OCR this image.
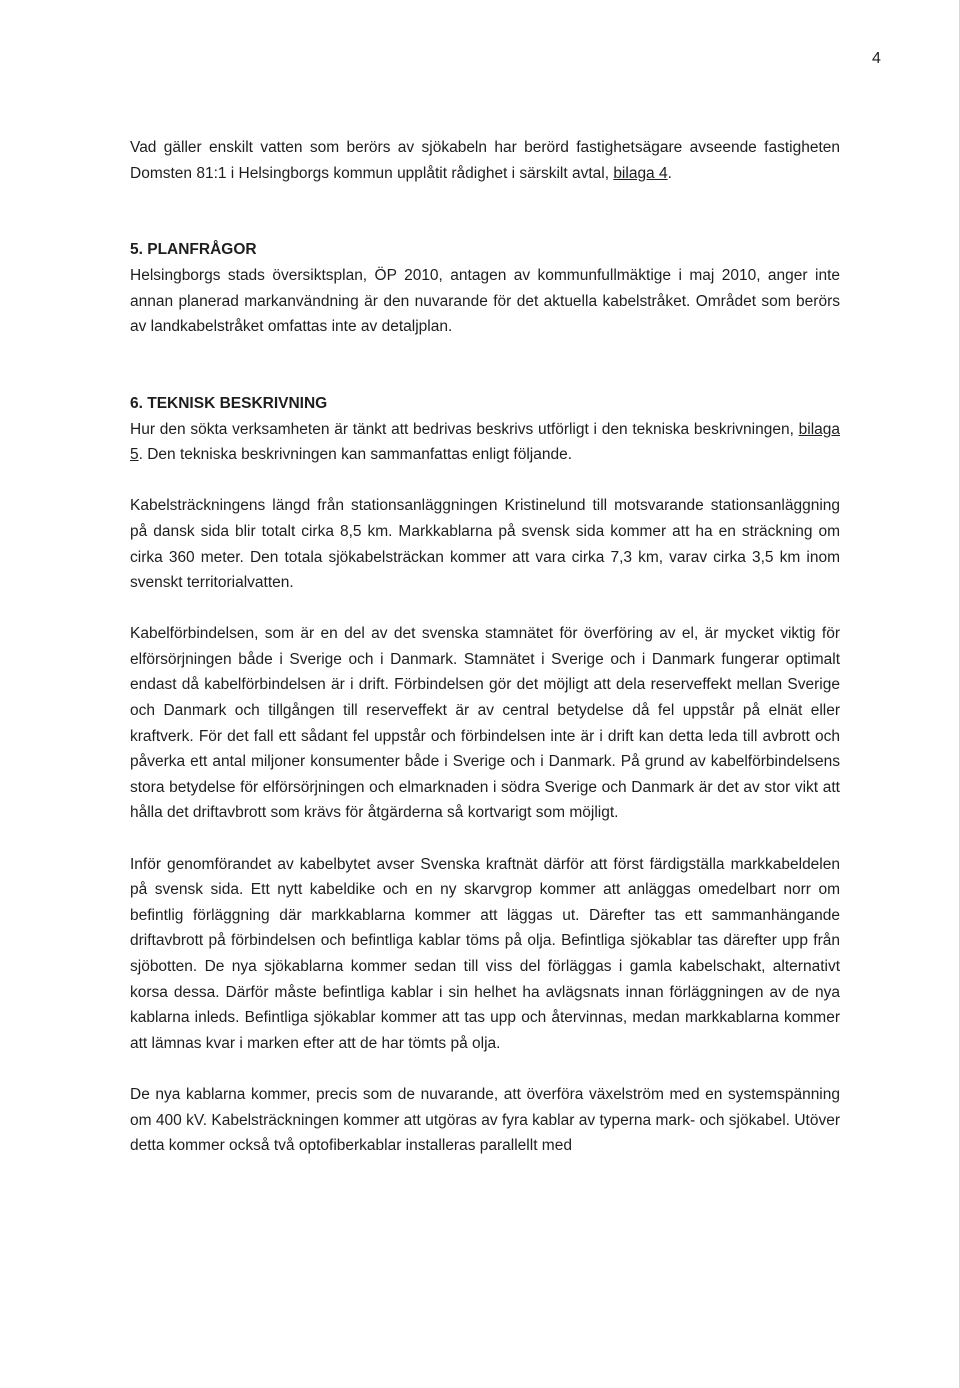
4

Vad gäller enskilt vatten som berörs av sjökabeln har berörd fastighetsägare avseende fastigheten Domsten 81:1 i Helsingborgs kommun upplåtit rådighet i särskilt avtal, bilaga 4.

5. PLANFRÅGOR

Helsingborgs stads översiktsplan, ÖP 2010, antagen av kommunfullmäktige i maj 2010, anger inte annan planerad markanvändning är den nuvarande för det aktuella kabelstråket. Området som berörs av landkabelstråket omfattas inte av detaljplan.

6. TEKNISK BESKRIVNING

Hur den sökta verksamheten är tänkt att bedrivas beskrivs utförligt i den tekniska beskrivningen, bilaga 5. Den tekniska beskrivningen kan sammanfattas enligt följande.

Kabelsträckningens längd från stationsanläggningen Kristinelund till motsvarande stationsanläggning på dansk sida blir totalt cirka 8,5 km. Markkablarna på svensk sida kommer att ha en sträckning om cirka 360 meter. Den totala sjökabelsträckan kommer att vara cirka 7,3 km, varav cirka 3,5 km inom svenskt territorialvatten.

Kabelförbindelsen, som är en del av det svenska stamnätet för överföring av el, är mycket viktig för elförsörjningen både i Sverige och i Danmark. Stamnätet i Sverige och i Danmark fungerar optimalt endast då kabelförbindelsen är i drift. Förbindelsen gör det möjligt att dela reserveffekt mellan Sverige och Danmark och tillgången till reserveffekt är av central betydelse då fel uppstår på elnät eller kraftverk. För det fall ett sådant fel uppstår och förbindelsen inte är i drift kan detta leda till avbrott och påverka ett antal miljoner konsumenter både i Sverige och i Danmark. På grund av kabelförbindelsens stora betydelse för elförsörjningen och elmarknaden i södra Sverige och Danmark är det av stor vikt att hålla det driftavbrott som krävs för åtgärderna så kortvarigt som möjligt.

Inför genomförandet av kabelbytet avser Svenska kraftnät därför att först färdigställa markkabeldelen på svensk sida. Ett nytt kabeldike och en ny skarvgrop kommer att anläggas omedelbart norr om befintlig förläggning där markkablarna kommer att läggas ut. Därefter tas ett sammanhängande driftavbrott på förbindelsen och befintliga kablar töms på olja. Befintliga sjökablar tas därefter upp från sjöbotten. De nya sjökablarna kommer sedan till viss del förläggas i gamla kabelschakt, alternativt korsa dessa. Därför måste befintliga kablar i sin helhet ha avlägsnats innan förläggningen av de nya kablarna inleds. Befintliga sjökablar kommer att tas upp och återvinnas, medan markkablarna kommer att lämnas kvar i marken efter att de har tömts på olja.

De nya kablarna kommer, precis som de nuvarande, att överföra växelström med en systemspänning om 400 kV. Kabelsträckningen kommer att utgöras av fyra kablar av typerna mark- och sjökabel. Utöver detta kommer också två optofiberkablar installeras parallellt med
